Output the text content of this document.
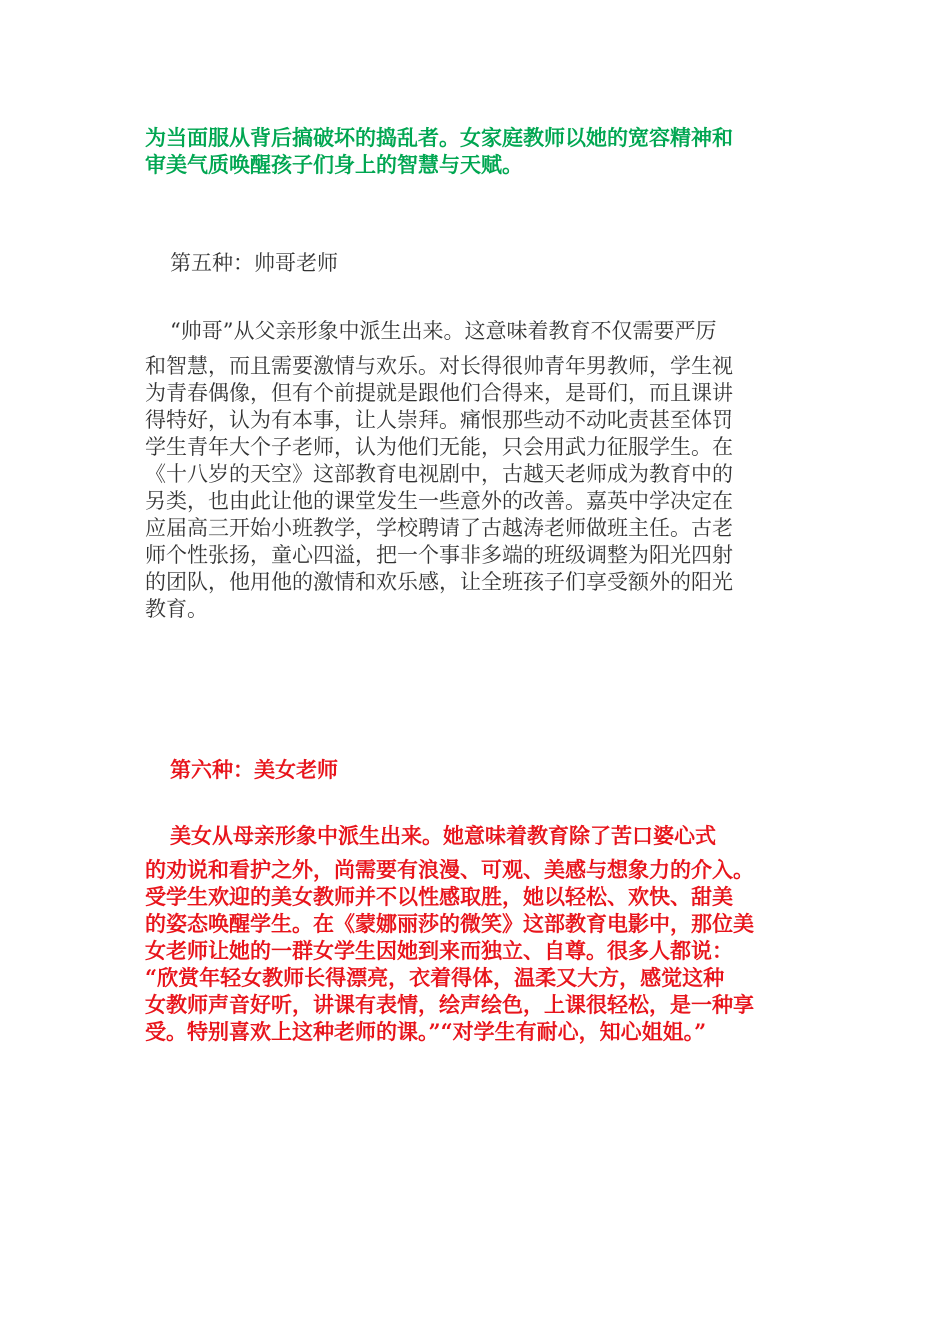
为当面服从背后搞破坏的捣乱者。女家庭教师以她的宽容精神和
审美气质唤醒孩子们身上的智慧与天赋。
第五种：帅哥老师
“帅哥”从父亲形象中派生出来。这意味着教育不仅需要严厉
和智慧，而且需要激情与欢乐。对长得很帅青年男教师，学生视
为青春偶像，但有个前提就是跟他们合得来，是哥们，而且课讲
得特好，认为有本事，让人崇拜。痛恨那些动不动叱责甚至体罚
学生青年大个子老师，认为他们无能，只会用武力征服学生。在
《十八岁的天空》这部教育电视剧中，古越天老师成为教育中的
另类，也由此让他的课堂发生一些意外的改善。嘉英中学决定在
应届高三开始小班教学，学校聘请了古越涛老师做班主任。古老
师个性张扬，童心四溢，把一个事非多端的班级调整为阳光四射
的团队，他用他的激情和欢乐感，让全班孩子们享受额外的阳光
教育。
第六种：美女老师
美女从母亲形象中派生出来。她意味着教育除了苦口婆心式
的劝说和看护之外，尚需要有浪漫、可观、美感与想象力的介入。
受学生欢迎的美女教师并不以性感取胜，她以轻松、欢快、甜美
的姿态唤醒学生。在《蒙娜丽莎的微笑》这部教育电影中，那位美
女老师让她的一群女学生因她到来而独立、自尊。很多人都说：
“欣赏年轻女教师长得漂亮，衣着得体，温柔又大方，感觉这种
女教师声音好听，讲课有表情，绘声绘色，上课很轻松，是一种享
受。特别喜欢上这种老师的课。”“对学生有耐心，知心姐姐。”
